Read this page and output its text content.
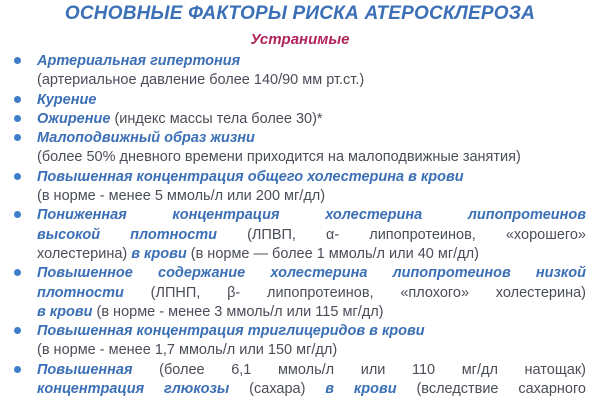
ОСНОВНЫЕ ФАКТОРЫ РИСКА АТЕРОСКЛЕРОЗА
Устранимые
Артериальная гипертония
(артериальное давление более 140/90 мм рт.ст.)
Курение
Ожирение (индекс массы тела более 30)*
Малоподвижный образ жизни
(более 50% дневного времени приходится на малоподвижные занятия)
Повышенная концентрация общего холестерина в крови
(в норме - менее 5 ммоль/л или 200 мг/дл)
Пониженная концентрация холестерина липопротеинов
высокой плотности (ЛПВП, α- липопротеинов, «хорошего»
холестерина) в крови (в норме — более 1 ммоль/л или 40 мг/дл)
Повышенное содержание холестерина липопротеинов низкой
плотности (ЛПНП, β- липопротеинов, «плохого» холестерина)
в крови (в норме - менее 3 ммоль/л или 115 мг/дл)
Повышенная концентрация триглицеридов в крови
(в норме - менее 1,7 ммоль/л или 150 мг/дл)
Повышенная (более 6,1 ммоль/л или 110 мг/дл натощак)
концентрация глюкозы (сахара) в крови (вследствие сахарного
